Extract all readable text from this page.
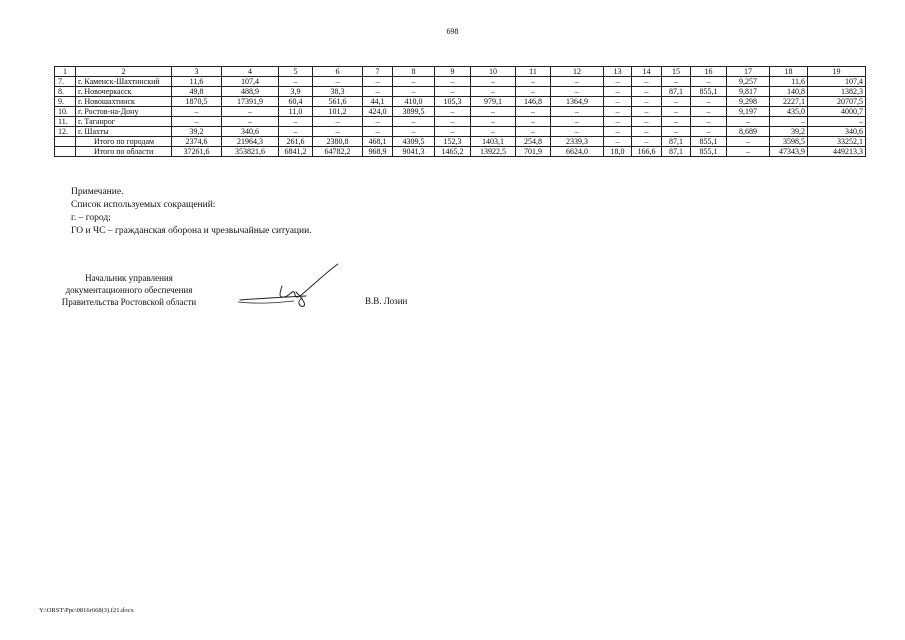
698
1	2	3	4	5	6	7	8	9	10	11	12	13	14	15	16	17	18	19
7.	г. Каменск-Шахтинский	11,6	107,4	–	–	–	–	–	–	–	–	–	–	–	–	9,257	11,6	107,4
8.	г. Новочеркасск	49,8	488,9	3,9	38,3	–	–	–	–	–	–	–	–	87,1	855,1	9,817	140,8	1382,3
9.	г. Новошахтинск	1870,5	17391,9	60,4	561,6	44,1	410,0	105,3	979,1	146,8	1364,9	–	–	–	–	9,298	2227,1	20707,5
10.	г. Ростов-на-Дону	–	–	11,0	101,2	424,0	3899,5	–	–	–	–	–	–	–	–	9,197	435,0	4000,7
11.	г. Таганрог	–	–	–	–	–	–	–	–	–	–	–	–	–	–	–	–	–
12.	г. Шахты	39,2	340,6	–	–	–	–	–	–	–	–	–	–	–	–	8,689	39,2	340,6
	Итого по городам	2374,6	21964,3	261,6	2380,8	468,1	4309,5	152,3	1403,1	254,8	2339,3	–	–	87,1	855,1	–	3598,5	33252,1
	Итого по области	37261,6	353821,6	6841,2	64782,2	968,9	9041,3	1465,2	13922,5	701,9	6624,0	18,0	166,6	87,1	855,1	–	47343,9	449213,3
Примечание.
Список используемых сокращений:
г. – город;
ГО и ЧС – гражданская оборона и чрезвычайные ситуации.
Начальник управления
документационного обеспечения
Правительства Ростовской области	В.В. Лозин
Y:\ORST\Ppc\0816r668(3).f21.docx
